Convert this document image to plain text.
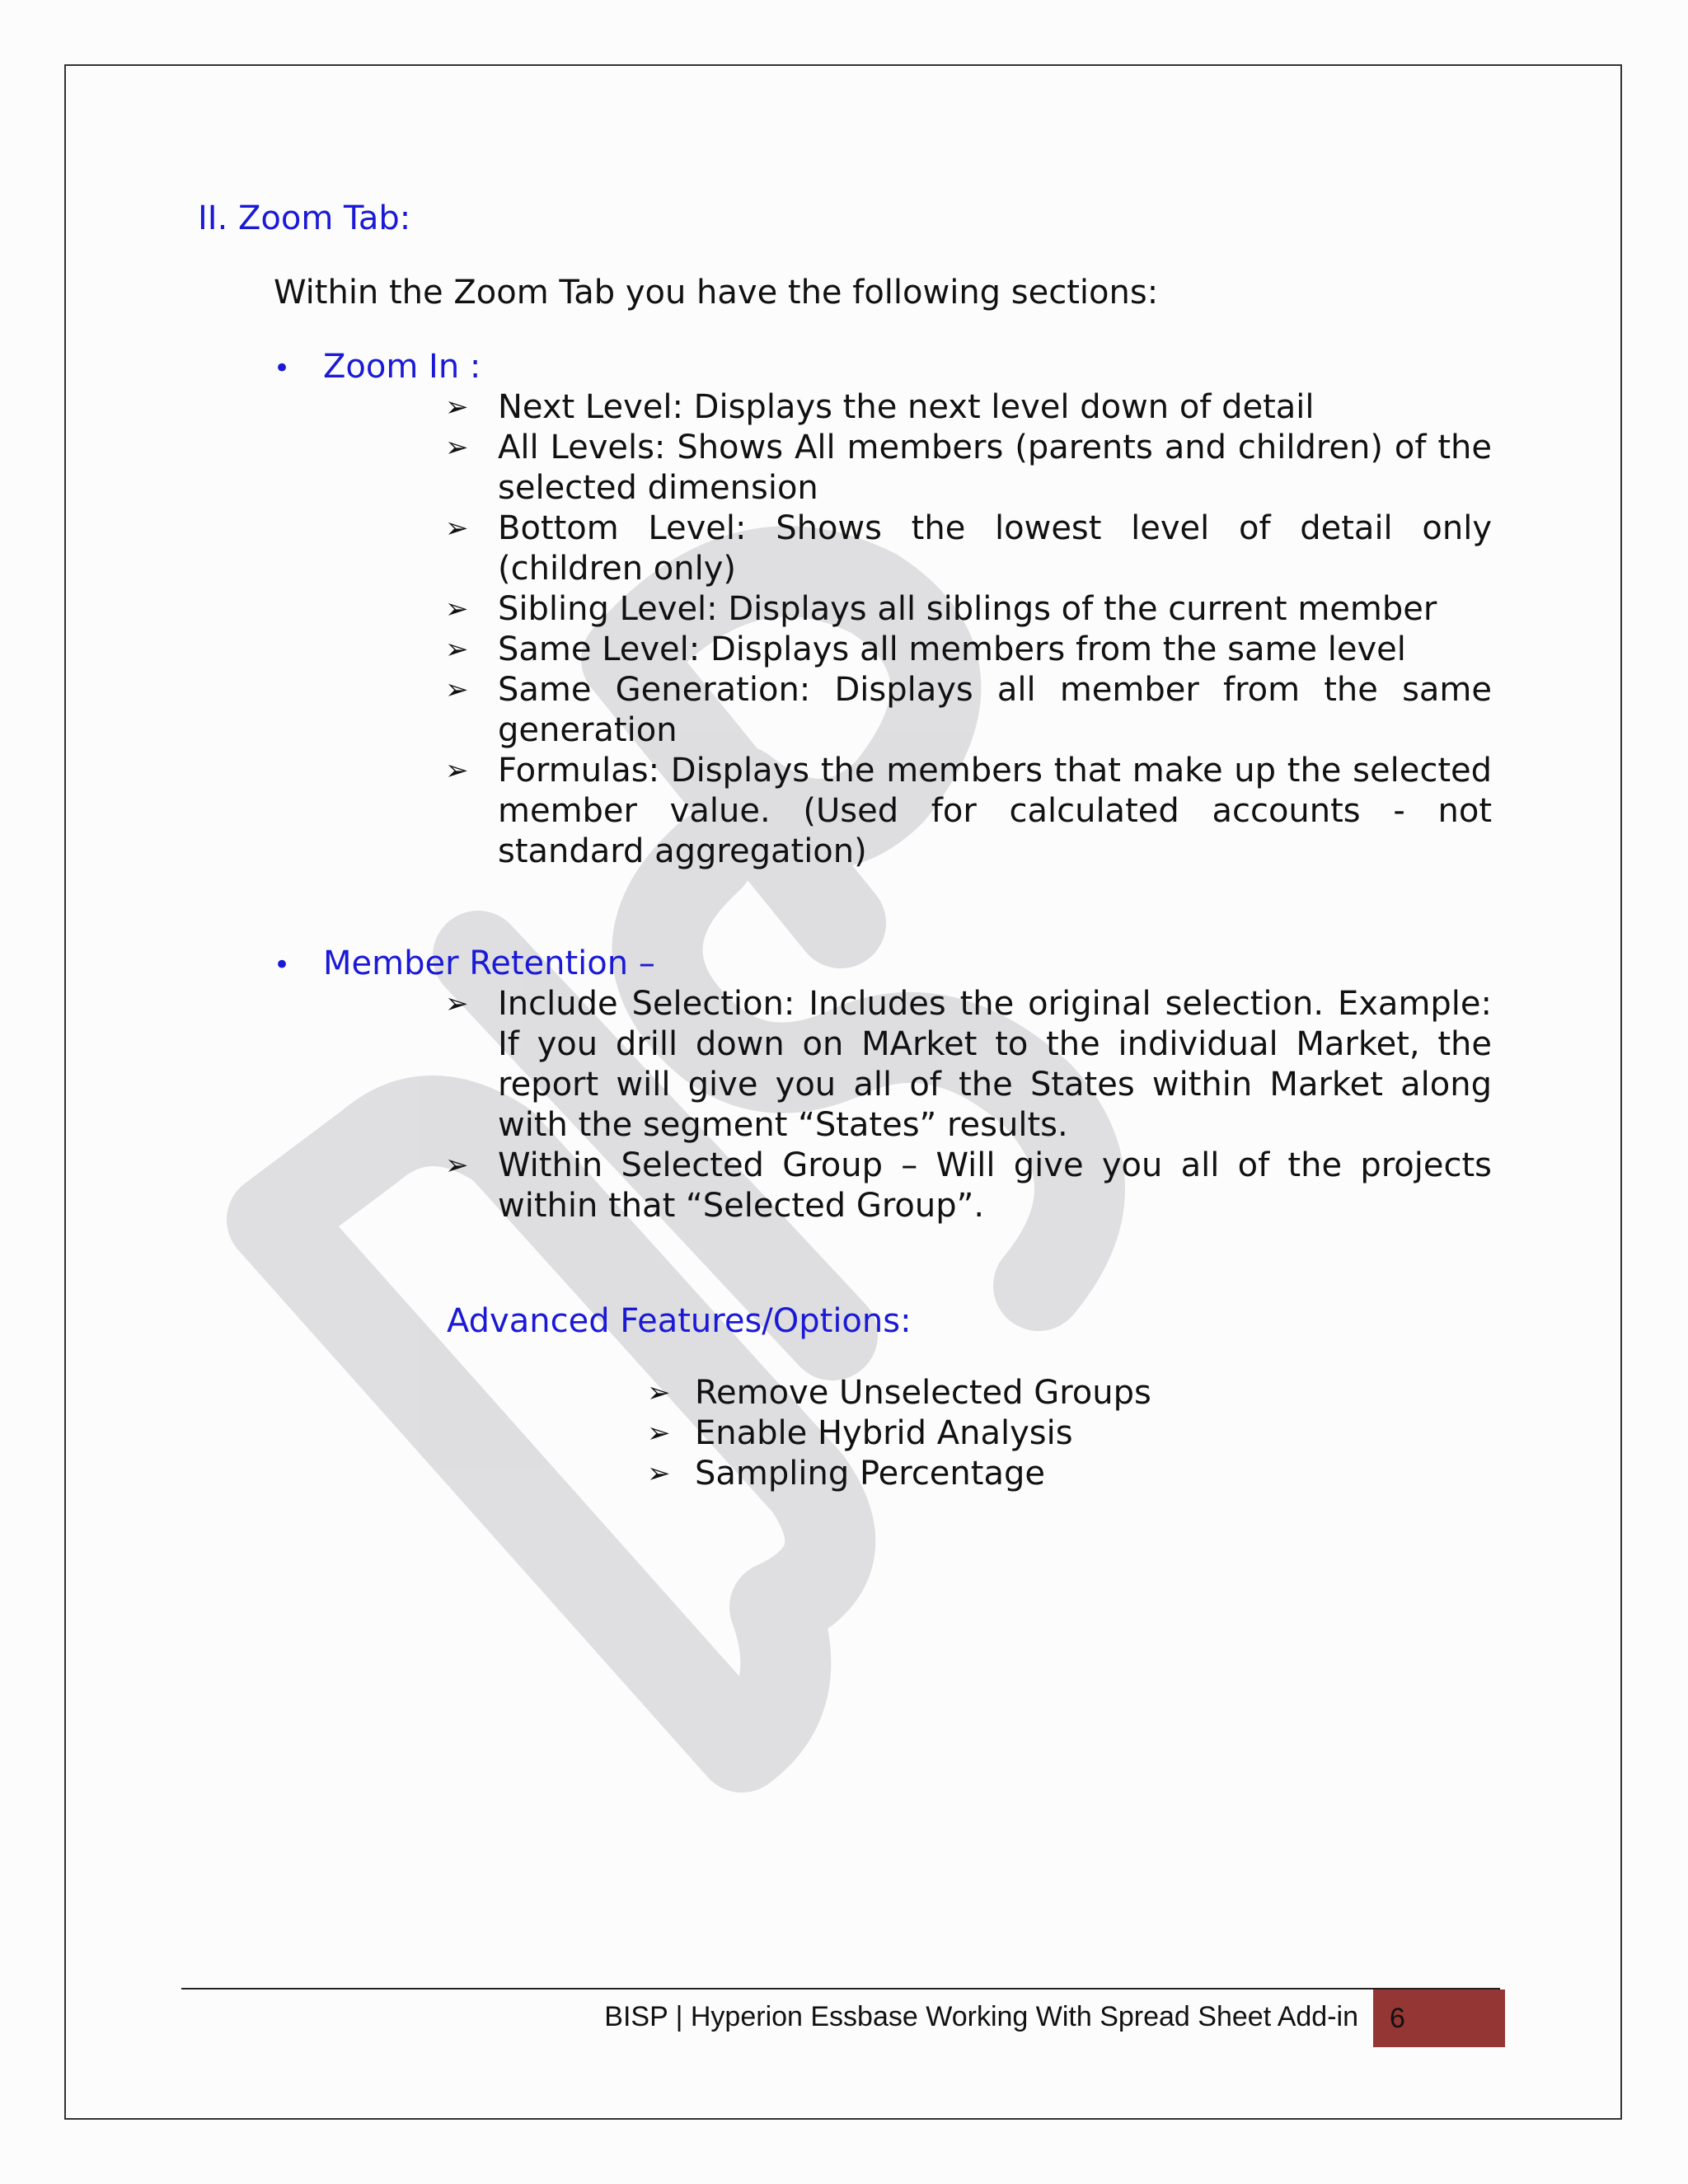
II. Zoom Tab:
Within the Zoom Tab you have the following sections:
• Zoom In :
➢ Next Level: Displays the next level down of detail
➢ All Levels: Shows All members (parents and children) of the selected dimension
➢ Bottom Level: Shows the lowest level of detail only (children only)
➢ Sibling Level: Displays all siblings of the current member
➢ Same Level: Displays all members from the same level
➢ Same Generation: Displays all member from the same generation
➢ Formulas: Displays the members that make up the selected member value. (Used for calculated accounts - not standard aggregation)
• Member Retention –
➢ Include Selection: Includes the original selection. Example: If you drill down on MArket to the individual Market, the report will give you all of the States within Market along with the segment “States” results.
➢ Within Selected Group – Will give you all of the projects within that “Selected Group”.
Advanced Features/Options:
➢ Remove Unselected Groups
➢ Enable Hybrid Analysis
➢ Sampling Percentage
BISP | Hyperion Essbase Working With Spread Sheet Add-in	6
